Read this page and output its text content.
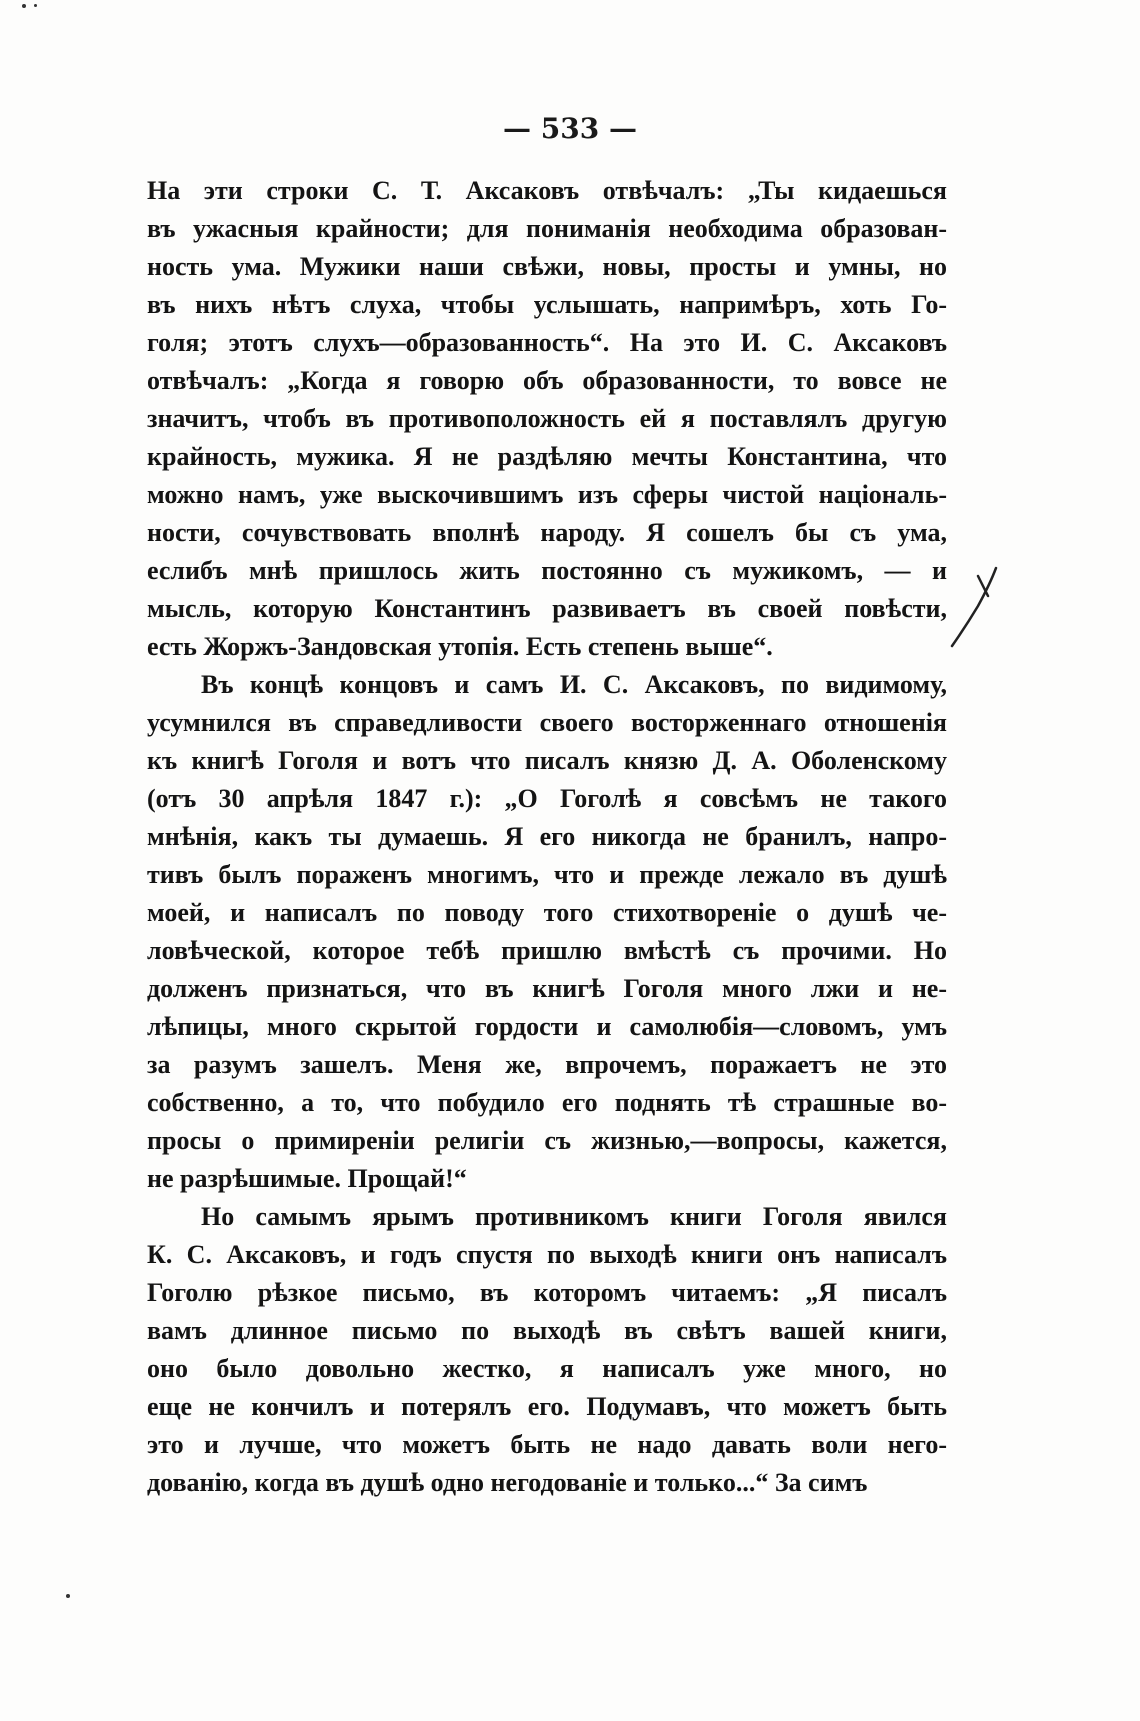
— 533 —
На эти строки С. Т. Аксаковъ отвѣчалъ: „Ты кидаешься
въ ужасныя крайности; для пониманія необходима образован-
ность ума. Мужики наши свѣжи, новы, просты и умны, но
въ нихъ нѣтъ слуха, чтобы услышать, напримѣръ, хоть Го-
голя; этотъ слухъ—образованность“. На это И. С. Аксаковъ
отвѣчалъ: „Когда я говорю объ образованности, то вовсе не
значитъ, чтобъ въ противоположность ей я поставлялъ другую
крайность, мужика. Я не раздѣляю мечты Константина, что
можно намъ, уже выскочившимъ изъ сферы чистой національ-
ности, сочувствовать вполнѣ народу. Я сошелъ бы съ ума,
еслибъ мнѣ пришлось жить постоянно съ мужикомъ, — и
мысль, которую Константинъ развиваетъ въ своей повѣсти,
есть Жоржъ-Зандовская утопія. Есть степень выше“.
Въ концѣ концовъ и самъ И. С. Аксаковъ, по видимому,
усумнился въ справедливости своего восторженнаго отношенія
къ книгѣ Гоголя и вотъ что писалъ князю Д. А. Оболенскому
(отъ 30 апрѣля 1847 г.): „О Гоголѣ я совсѣмъ не такого
мнѣнія, какъ ты думаешь. Я его никогда не бранилъ, напро-
тивъ былъ пораженъ многимъ, что и прежде лежало въ душѣ
моей, и написалъ по поводу того стихотвореніе о душѣ че-
ловѣческой, которое тебѣ пришлю вмѣстѣ съ прочими. Но
долженъ признаться, что въ книгѣ Гоголя много лжи и не-
лѣпицы, много скрытой гордости и самолюбія—словомъ, умъ
за разумъ зашелъ. Меня же, впрочемъ, поражаетъ не это
собственно, а то, что побудило его поднять тѣ страшные во-
просы о примиреніи религіи съ жизнью,—вопросы, кажется,
не разрѣшимые. Прощай!“
Но самымъ ярымъ противникомъ книги Гоголя явился
К. С. Аксаковъ, и годъ спустя по выходѣ книги онъ написалъ
Гоголю рѣзкое письмо, въ которомъ читаемъ: „Я писалъ
вамъ длинное письмо по выходѣ въ свѣтъ вашей книги,
оно было довольно жестко, я написалъ уже много, но
еще не кончилъ и потерялъ его. Подумавъ, что можетъ быть
это и лучше, что можетъ быть не надо давать воли него-
дованію, когда въ душѣ одно негодованіе и только...“ За симъ
